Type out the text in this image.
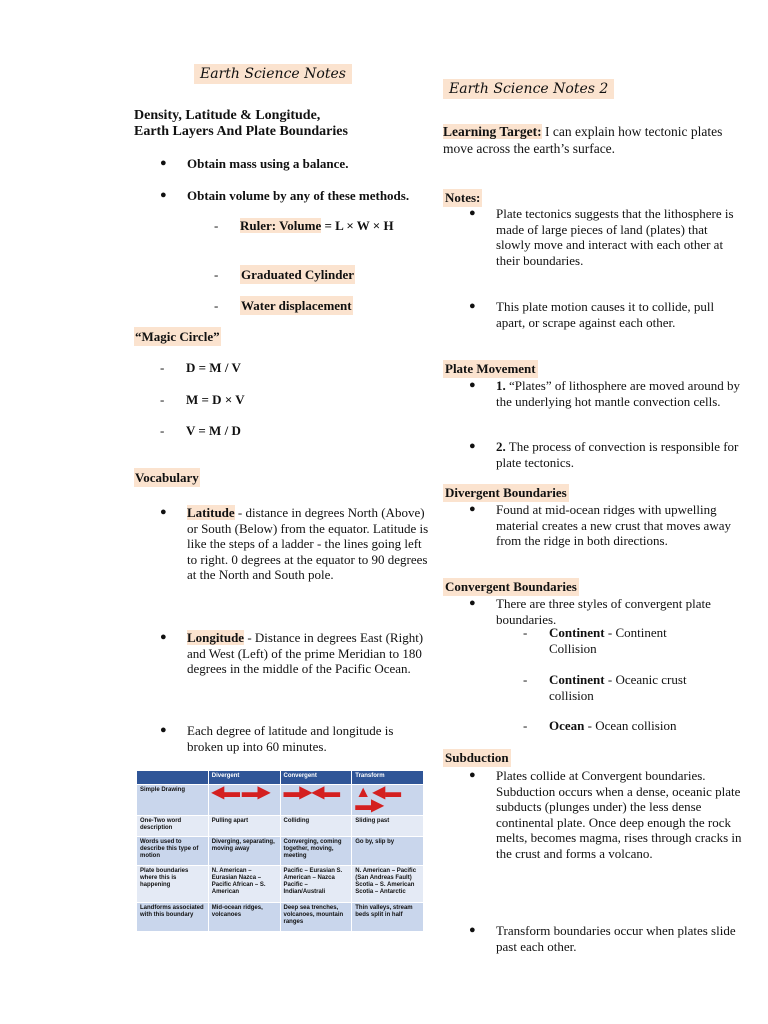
Earth Science Notes
Density, Latitude & Longitude,
Earth Layers And Plate Boundaries
● Obtain mass using a balance.
● Obtain volume by any of these methods.
- Ruler: Volume = L × W × H
- Graduated Cylinder
- Water displacement
“Magic Circle”
- D = M / V
- M = D × V
- V = M / D
Vocabulary
● Latitude - distance in degrees North (Above) or South (Below) from the equator. Latitude is like the steps of a ladder - the lines going left to right. 0 degrees at the equator to 90 degrees at the North and South pole.
● Longitude - Distance in degrees East (Right) and West (Left) of the prime Meridian to 180 degrees in the middle of the Pacific Ocean.
● Each degree of latitude and longitude is broken up into 60 minutes.
	Divergent	Convergent	Transform
Simple Drawing	◀▬ ▬▶	▬▶◀▬	▲ ◀▬
▬▶
One-Two word description	Pulling apart	Colliding	Sliding past
Words used to describe this type of motion	Diverging, separating, moving away	Converging, coming together, moving, meeting	Go by, slip by
Plate boundaries where this is happening	N. American – Eurasian Nazca – Pacific African – S. American	Pacific – Eurasian S. American – Nazca Pacific – Indian/Australi	N. American – Pacific (San Andreas Fault) Scotia – S. American Scotia – Antarctic
Landforms associated with this boundary	Mid-ocean ridges, volcanoes	Deep sea trenches, volcanoes, mountain ranges	Thin valleys, stream beds split in half
Earth Science Notes 2
Learning Target: I can explain how tectonic plates move across the earth’s surface.
Notes:
● Plate tectonics suggests that the lithosphere is made of large pieces of land (plates) that slowly move and interact with each other at their boundaries.
● This plate motion causes it to collide, pull apart, or scrape against each other.
Plate Movement
● 1. “Plates” of lithosphere are moved around by the underlying hot mantle convection cells.
● 2. The process of convection is responsible for plate tectonics.
Divergent Boundaries
● Found at mid-ocean ridges with upwelling material creates a new crust that moves away from the ridge in both directions.
Convergent Boundaries
● There are three styles of convergent plate boundaries.
- Continent - Continent Collision
- Continent - Oceanic crust collision
- Ocean - Ocean collision
Subduction
● Plates collide at Convergent boundaries. Subduction occurs when a dense, oceanic plate subducts (plunges under) the less dense continental plate. Once deep enough the rock melts, becomes magma, rises through cracks in the crust and forms a volcano.
● Transform boundaries occur when plates slide past each other.
